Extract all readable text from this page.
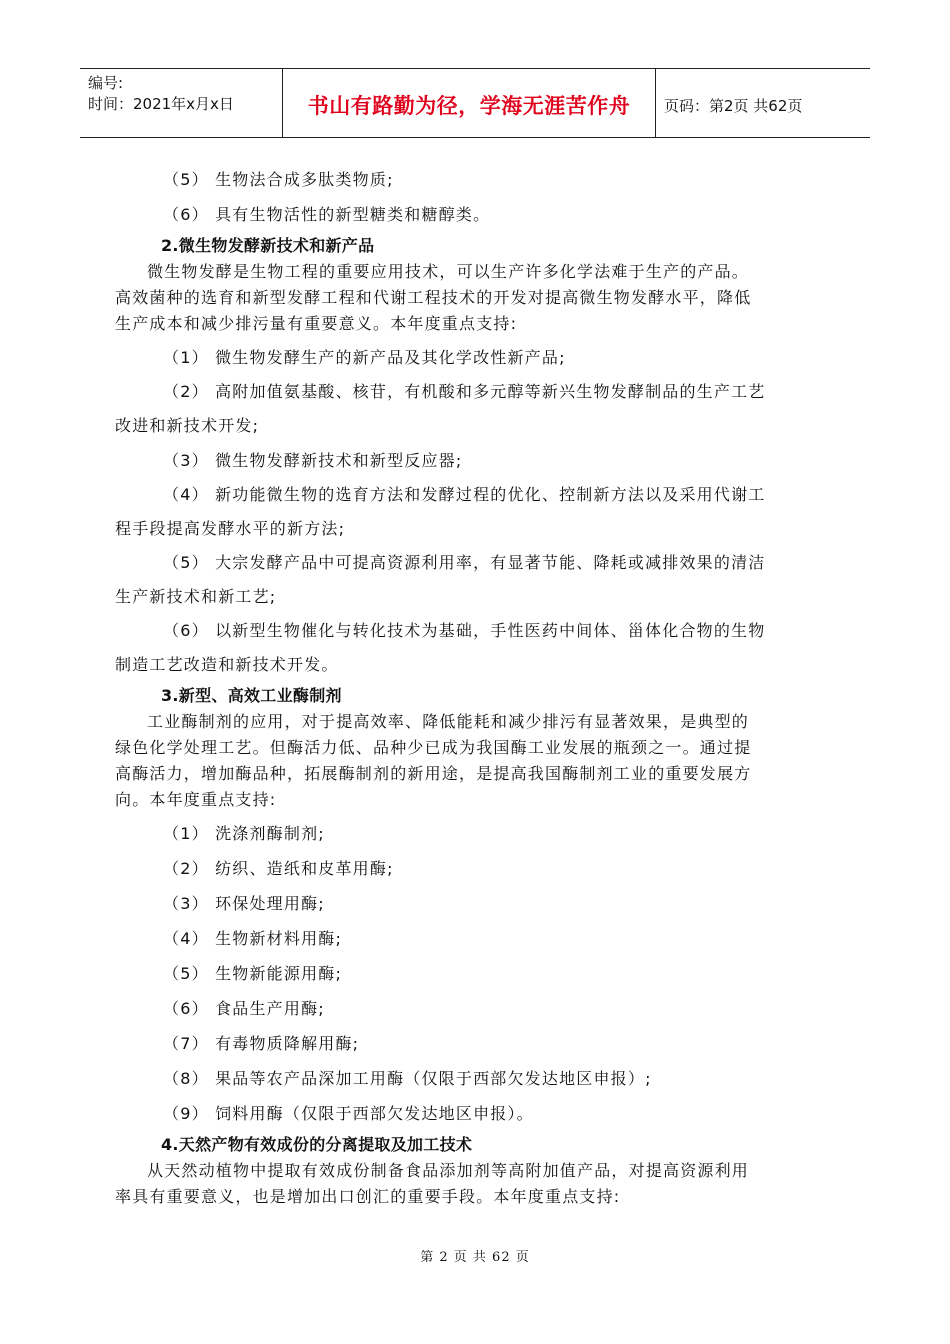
编号:
时间：2021年x月x日	书山有路勤为径，学海无涯苦作舟	页码：第2页 共62页

（5） 生物法合成多肽类物质;

（6） 具有生物活性的新型糖类和糖醇类。

2.微生物发酵新技术和新产品

微生物发酵是生物工程的重要应用技术，可以生产许多化学法难于生产的产品。
高效菌种的选育和新型发酵工程和代谢工程技术的开发对提高微生物发酵水平，降低
生产成本和减少排污量有重要意义。本年度重点支持:

（1） 微生物发酵生产的新产品及其化学改性新产品;

（2） 高附加值氨基酸、核苷，有机酸和多元醇等新兴生物发酵制品的生产工艺
改进和新技术开发;

（3） 微生物发酵新技术和新型反应器;

（4） 新功能微生物的选育方法和发酵过程的优化、控制新方法以及采用代谢工
程手段提高发酵水平的新方法;

（5） 大宗发酵产品中可提高资源利用率，有显著节能、降耗或减排效果的清洁
生产新技术和新工艺;

（6） 以新型生物催化与转化技术为基础，手性医药中间体、甾体化合物的生物
制造工艺改造和新技术开发。

3.新型、高效工业酶制剂

工业酶制剂的应用，对于提高效率、降低能耗和减少排污有显著效果，是典型的
绿色化学处理工艺。但酶活力低、品种少已成为我国酶工业发展的瓶颈之一。通过提
高酶活力，增加酶品种，拓展酶制剂的新用途，是提高我国酶制剂工业的重要发展方
向。本年度重点支持:

（1） 洗涤剂酶制剂;

（2） 纺织、造纸和皮革用酶;

（3） 环保处理用酶;

（4） 生物新材料用酶;

（5） 生物新能源用酶;

（6） 食品生产用酶;

（7） 有毒物质降解用酶;

（8） 果品等农产品深加工用酶（仅限于西部欠发达地区申报）;

（9） 饲料用酶（仅限于西部欠发达地区申报）。

4.天然产物有效成份的分离提取及加工技术

从天然动植物中提取有效成份制备食品添加剂等高附加值产品，对提高资源利用
率具有重要意义，也是增加出口创汇的重要手段。本年度重点支持:

第 2 页 共 62 页
